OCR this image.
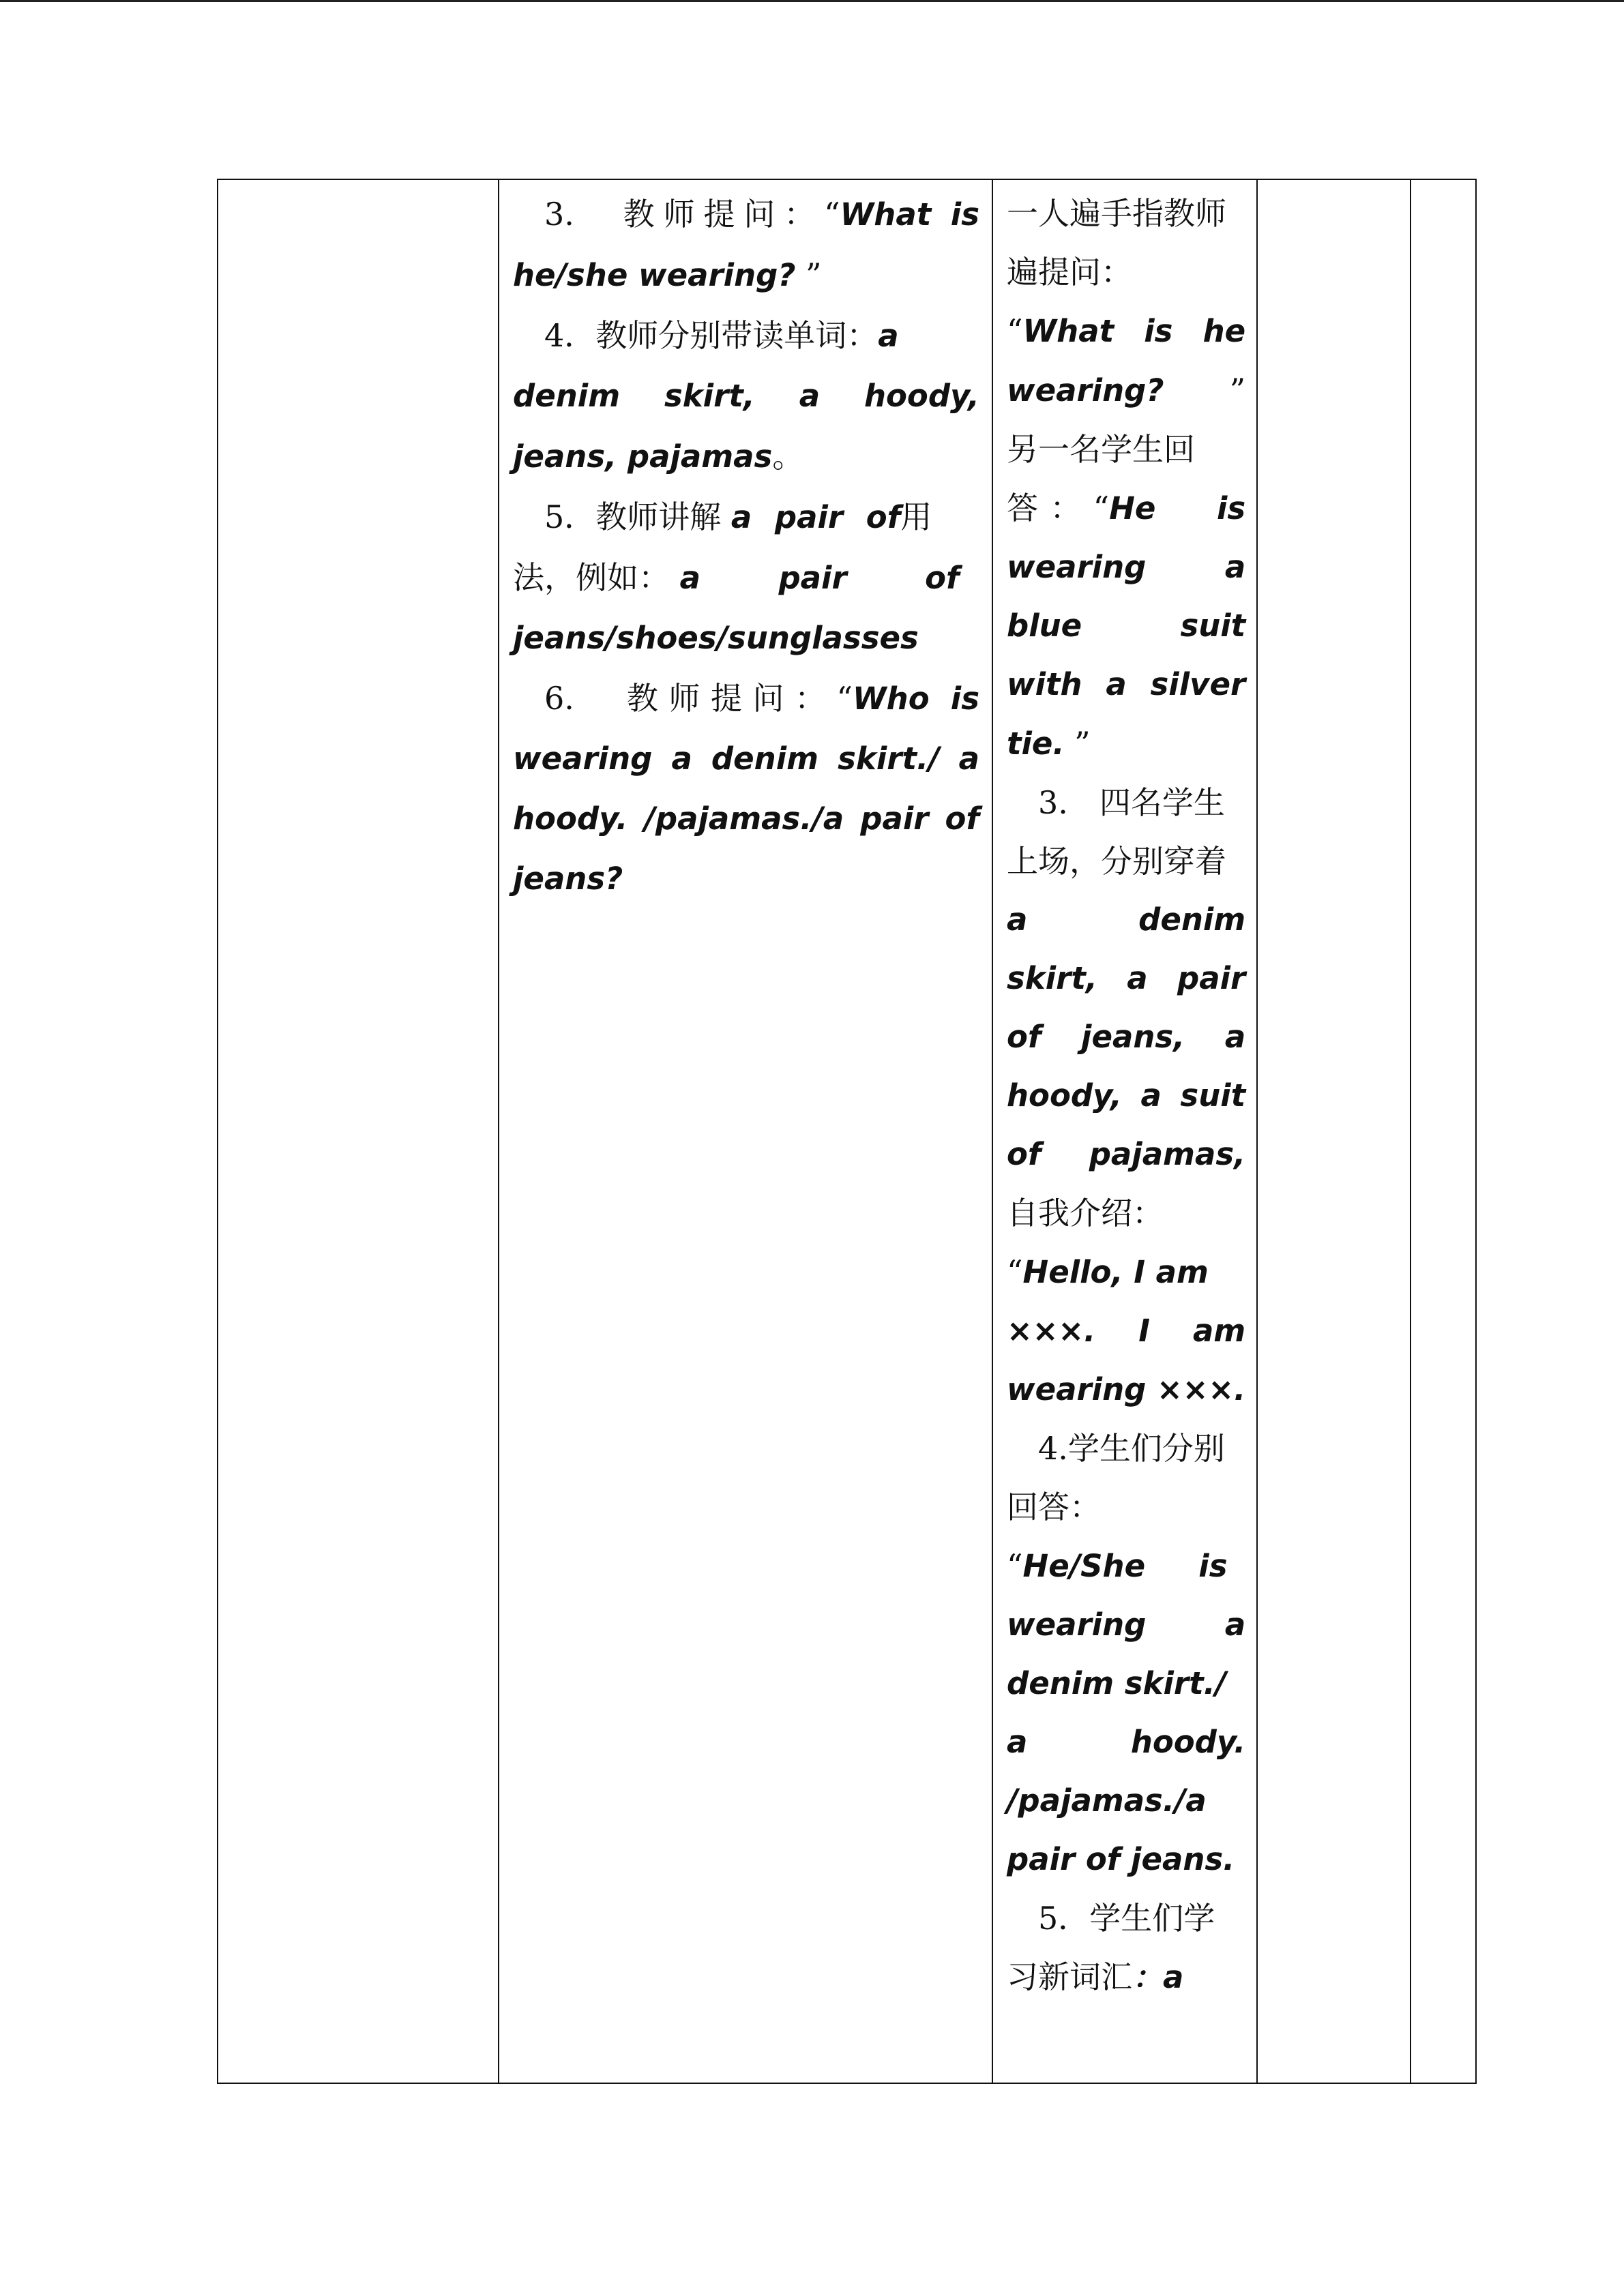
3.　教师提问：“What is
he/she wearing? ”
4．教师分别带读单词：a
denim skirt, a hoody,
jeans, pajamas。
5．教师讲解 a pair of用
法，例如： a pair of
jeans/shoes/sunglasses
6.　教师提问：“Who is
wearing a denim skirt./ a
hoody. /pajamas./a pair of
jeans?

一人遍手指教师
遍提问：
“What is he
wearing? ”
另一名学生回
答：“He is
wearing a
blue suit
with a silver
tie. ”
3.　四名学生
上场，分别穿着
a denim
skirt, a pair
of jeans, a
hoody, a suit
of pajamas,
自我介绍：
“Hello, I am
×××. I am
wearing ×××.
4.学生们分别
回答：
“He/She is
wearing a
denim skirt./
a hoody.
/pajamas./a
pair of jeans.
5．学生们学
习新词汇：a
